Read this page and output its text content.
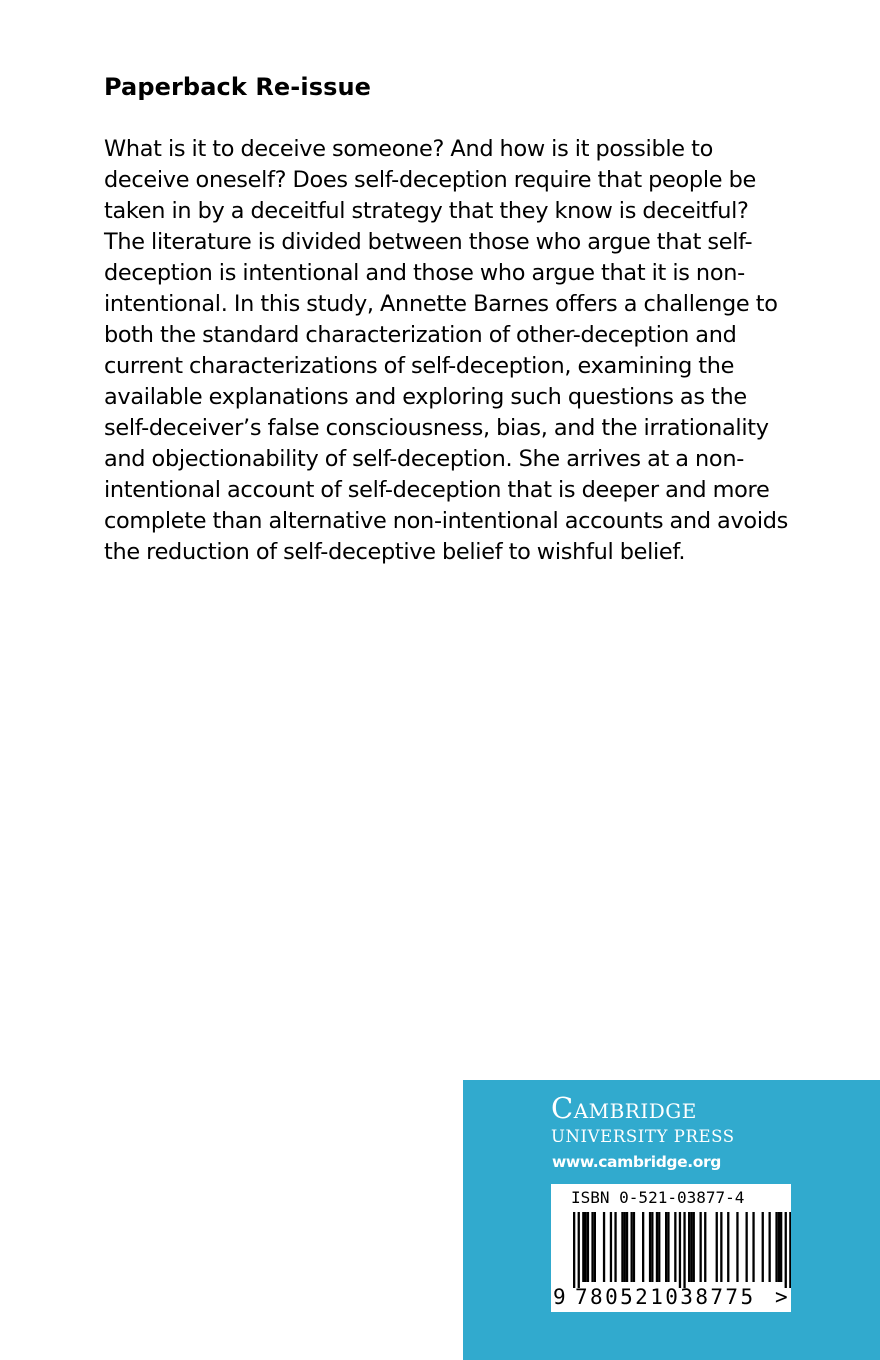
Paperback Re-issue
What is it to deceive someone? And how is it possible to
deceive oneself? Does self-deception require that people be
taken in by a deceitful strategy that they know is deceitful?
The literature is divided between those who argue that self-
deception is intentional and those who argue that it is non-
intentional. In this study, Annette Barnes offers a challenge to
both the standard characterization of other-deception and
current characterizations of self-deception, examining the
available explanations and exploring such questions as the
self-deceiver’s false consciousness, bias, and the irrationality
and objectionability of self-deception. She arrives at a non-
intentional account of self-deception that is deeper and more
complete than alternative non-intentional accounts and avoids
the reduction of self-deceptive belief to wishful belief.

Cambridge

UNIVERSITY PRESS

www.cambridge.org

ISBN 0-521-03877-4

9 780521038775 >
